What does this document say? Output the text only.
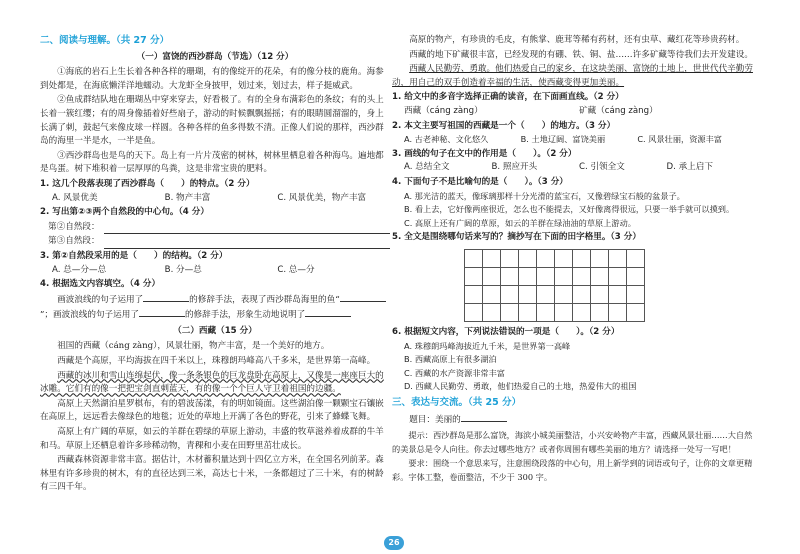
二、阅读与理解。（共 27 分）
（一）富饶的西沙群岛（节选）（12 分）

①海底的岩石上生长着各种各样的珊瑚，有的像绽开的花朵，有的像分枝的鹿角。海参到处都是，在海底懒洋洋地蠕动。大龙虾全身披甲，划过来，划过去，样子挺威武。

②鱼成群结队地在珊瑚丛中穿来穿去，好看极了。有的全身布满彩色的条纹；有的头上长着一簇红缨；有的周身像插着好些扇子，游动的时候飘飘摇摇；有的眼睛圆溜溜的，身上长满了刺，鼓起气来像皮球一样圆。各种各样的鱼多得数不清。正像人们说的那样，西沙群岛的海里一半是水，一半是鱼。

③西沙群岛也是鸟的天下。岛上有一片片茂密的树林，树林里栖息着各种海鸟。遍地都是鸟蛋。树下堆积着一层厚厚的鸟粪，这是非常宝贵的肥料。

1. 这几个段落表现了西沙群岛（　　）的特点。（2 分）
A. 风景优美	B. 物产丰富	C. 风景优美，物产丰富
2. 写出第②③两个自然段的中心句。（4 分）
第②自然段：
第③自然段：
3. 第②自然段采用的是（　　）的结构。（2 分）
A. 总—分—总	B. 分—总	C. 总—分
4. 根据选文内容填空。（4 分）

画波浪线的句子运用了	的修辞手法，表现了西沙群岛海里的鱼“”；画波浪线的句子运用了	的修辞手法，形象生动地说明了

（二）西藏（15 分）

祖国的西藏（cáng zàng），风景壮丽，物产丰富，是一个美好的地方。

西藏是个高原，平均海拔在四千米以上，珠穆朗玛峰高八千多米，是世界第一高峰。

西藏的冰川和雪山连绵起伏，像一条条银色的巨龙盘卧在高原上，又像是一座座巨大的冰雕。它们有的像一把把宝剑直刺蓝天，有的像一个个巨人守卫着祖国的边疆。

高原上天然湖泊星罗棋布，有的碧波荡漾，有的明如镜面。这些湖泊像一颗颗宝石镶嵌在高原上，远远看去像绿色的地毯；近处的草地上开满了各色的野花，引来了蜂蝶飞舞。

高原上有广阔的草原，如云的羊群在碧绿的草原上游动，丰盛的牧草滋养着成群的牛羊和马。草原上还栖息着许多珍稀动物，青稞和小麦在田野里茁壮成长。

西藏森林资源非常丰富。据估计，木材蓄积量达到十四亿立方米，在全国名列前茅。森林里有许多珍贵的树木，有的直径达到三米，高达七十米，一条都超过了三十米，有的树龄有三四千年。

高原的物产，有珍贵的毛皮，有熊掌、鹿茸等稀有药材，还有虫草、藏红花等珍贵药材。

西藏的地下矿藏很丰富，已经发现的有硼、铁、铜、盐……许多矿藏等待我们去开发建设。

西藏人民勤劳、勇敢。他们热爱自己的家乡，在这块美丽、富饶的土地上，世世代代辛勤劳动，用自己的双手创造着幸福的生活，使西藏变得更加美丽。

1. 给文中的多音字选择正确的读音，在下面画直线。（2 分）
西藏（cáng zàng）	矿藏（cáng zàng）
2. 本文主要写祖国的西藏是一个（　　）的地方。（3 分）
A. 古老神秘、文化悠久	B. 土地辽阔、富饶美丽	C. 风景壮丽，资源丰富
3. 画线的句子在文中的作用是（　　）。（2 分）
A. 总结全文	B. 照应开头	C. 引领全文	D. 承上启下
4. 下面句子不是比喻句的是（　　）。（3 分）
A. 那光洁的蓝天，像琢璃那样十分光滑的蓝宝石，又像碧绿宝石般的盆景子。
B. 看上去，它好像两座很近，怎么也不能提去，又好像离得很远，只要一举手就可以摸到。
C. 高原上还有广阔的草原，如云的羊群在绿油油的草原上游动。
5. 全文是围绕哪句话来写的？摘抄写在下面的田字格里。（3 分）
6. 根据短文内容，下列说法错误的一项是（　　）。（2 分）
A. 珠穆朗玛峰海拔近九千米，是世界第一高峰
B. 西藏高原上有很多湖泊
C. 西藏的水产资源非常丰富
D. 西藏人民勤劳、勇敢，他们热爱自己的土地，热爱伟大的祖国
三、表达与交流。（共 25 分）
题目：美丽的

提示：西沙群岛是那么富饶，海滨小城美丽整洁，小兴安岭物产丰富，西藏风景壮丽……大自然的美景总是令人向往。你去过哪些地方？或者你周围有哪些美丽的地方？请选择一处写一写吧！

要求：围绕一个意思来写，注意围绕段落的中心句，用上新学到的词语或句子，让你的文章更精彩。字体工整，卷面整洁，不少于 300 字。

26
